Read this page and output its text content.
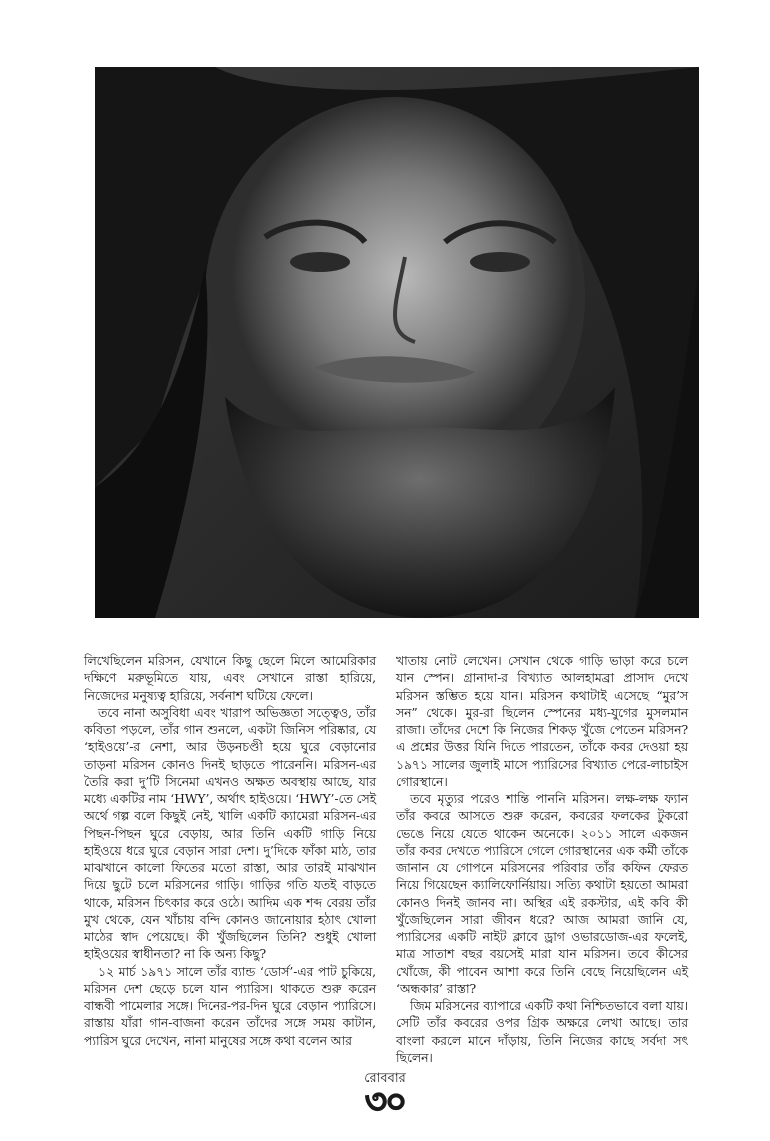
লিখেছিলেন মরিসন, যেখানে কিছু ছেলে মিলে আমেরিকার দক্ষিণে মরুভূমিতে যায়, এবং সেখানে রাস্তা হারিয়ে, নিজেদের মনুষ্যত্ব হারিয়ে, সর্বনাশ ঘটিয়ে ফেলে।

তবে নানা অসুবিধা এবং খারাপ অভিজ্ঞতা সত্ত্বেও, তাঁর কবিতা পড়লে, তাঁর গান শুনলে, একটা জিনিস পরিষ্কার, যে ‘হাইওয়ে’-র নেশা, আর উড়নচণ্ডী হয়ে ঘুরে বেড়ানোর তাড়না মরিসন কোনও দিনই ছাড়তে পারেননি। মরিসন-এর তৈরি করা দু’টি সিনেমা এখনও অক্ষত অবস্থায় আছে, যার মধ্যে একটির নাম ‘HWY’, অর্থাৎ হাইওয়ে। ‘HWY’-তে সেই অর্থে গল্প বলে কিছুই নেই, খালি একটি ক্যামেরা মরিসন-এর পিছন-পিছন ঘুরে বেড়ায়, আর তিনি একটি গাড়ি নিয়ে হাইওয়ে ধরে ঘুরে বেড়ান সারা দেশ। দু’দিকে ফাঁকা মাঠ, তার মাঝখানে কালো ফিতের মতো রাস্তা, আর তারই মাঝখান দিয়ে ছুটে চলে মরিসনের গাড়ি। গাড়ির গতি যতই বাড়তে থাকে, মরিসন চিৎকার করে ওঠে। আদিম এক শব্দ বেরয় তাঁর মুখ থেকে, যেন খাঁচায় বন্দি কোনও জানোয়ার হঠাৎ খোলা মাঠের স্বাদ পেয়েছে। কী খুঁজছিলেন তিনি? শুধুই খোলা হাইওয়ের স্বাধীনতা? না কি অন্য কিছু?

১২ মার্চ ১৯৭১ সালে তাঁর ব্যান্ড ‘ডোর্স’-এর পাট চুকিয়ে, মরিসন দেশ ছেড়ে চলে যান প্যারিস। থাকতে শুরু করেন বান্ধবী পামেলার সঙ্গে। দিনের-পর-দিন ঘুরে বেড়ান প্যারিসে। রাস্তায় যাঁরা গান-বাজনা করেন তাঁদের সঙ্গে সময় কাটান, প্যারিস ঘুরে দেখেন, নানা মানুষের সঙ্গে কথা বলেন আর

খাতায় নোট লেখেন। সেখান থেকে গাড়ি ভাড়া করে চলে যান স্পেন। গ্রানাদা-র বিখ্যাত আলহামব্রা প্রাসাদ দেখে মরিসন স্তম্ভিত হয়ে যান। মরিসন কথাটাই এসেছে “মুর’স সন” থেকে। মুর-রা ছিলেন স্পেনের মধ্য-যুগের মুসলমান রাজা। তাঁদের দেশে কি নিজের শিকড় খুঁজে পেতেন মরিসন? এ প্রশ্নের উত্তর যিনি দিতে পারতেন, তাঁকে কবর দেওয়া হয় ১৯৭১ সালের জুলাই মাসে প্যারিসের বিখ্যাত পেরে-লাচাইস গোরস্থানে।

তবে মৃত্যুর পরেও শান্তি পাননি মরিসন। লক্ষ-লক্ষ ফ্যান তাঁর কবরে আসতে শুরু করেন, কবরের ফলকের টুকরো ভেঙে নিয়ে যেতে থাকেন অনেকে। ২০১১ সালে একজন তাঁর কবর দেখতে প্যারিসে গেলে গোরস্থানের এক কর্মী তাঁকে জানান যে গোপনে মরিসনের পরিবার তাঁর কফিন ফেরত নিয়ে গিয়েছেন ক্যালিফোর্নিয়ায়। সত্যি কথাটা হয়তো আমরা কোনও দিনই জানব না। অস্থির এই রকস্টার, এই কবি কী খুঁজেছিলেন সারা জীবন ধরে? আজ আমরা জানি যে, প্যারিসের একটি নাইট ক্লাবে ড্রাগ ওভারডোজ-এর ফলেই, মাত্র সাতাশ বছর বয়সেই মারা যান মরিসন। তবে কীসের খোঁজে, কী পাবেন আশা করে তিনি বেছে নিয়েছিলেন এই ‘অন্ধকার’ রাস্তা?

জিম মরিসনের ব্যাপারে একটি কথা নিশ্চিতভাবে বলা যায়। সেটি তাঁর কবরের ওপর গ্রিক অক্ষরে লেখা আছে। তার বাংলা করলে মানে দাঁড়ায়, তিনি নিজের কাছে সর্বদা সৎ ছিলেন।

রোববার
৩০
